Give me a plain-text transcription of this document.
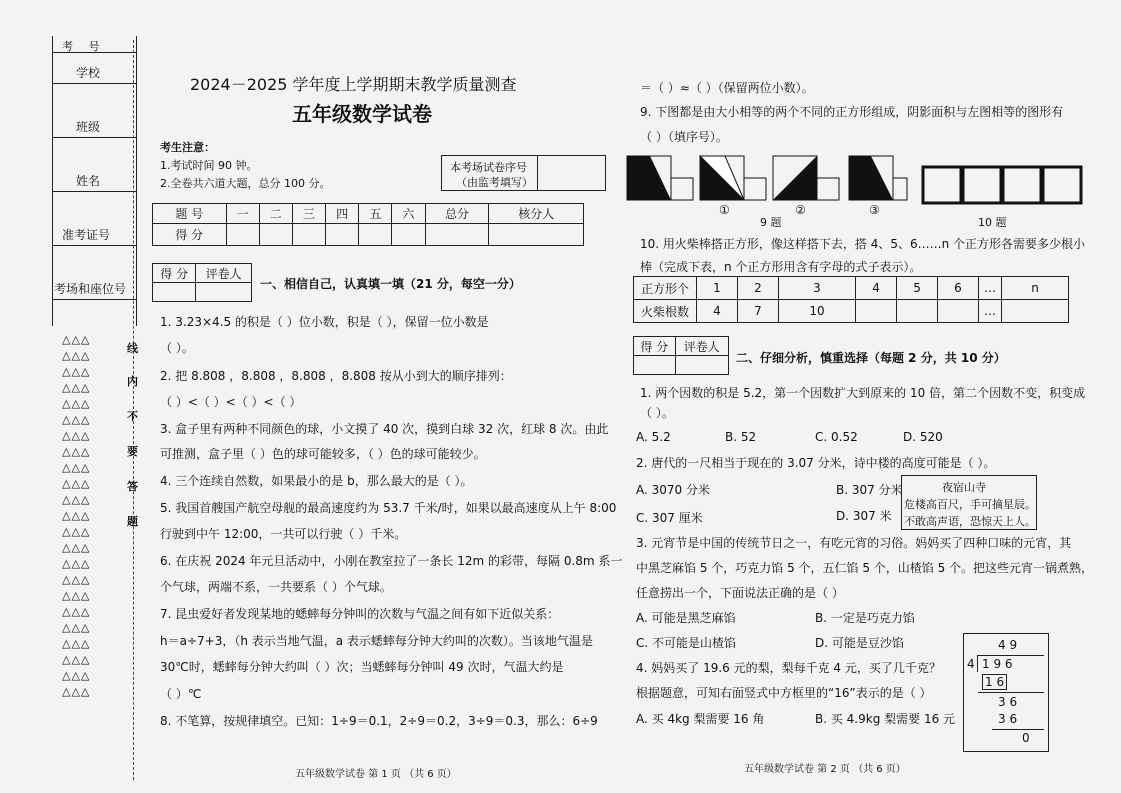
考 号
学校
班级
姓名
准考证号
考场和座位号
△△△
△△△
△△△
△△△
△△△
△△△
△△△
△△△
△△△
△△△
△△△
△△△
△△△
△△△
△△△
△△△
△△△
△△△
△△△
△△△
△△△
△△△
△△△
线
内
不
要
答
题
2024－2025 学年度上学期期末教学质量测查
五年级数学试卷
考生注意：
1.考试时间 90 钟。
2.全卷共六道大题，总分 100 分。
本考场试卷序号
（由监考填写）
题 号	一	二	三	四	五	六	总分	核分人
得 分								
得 分	评卷人

一、相信自己，认真填一填（21 分，每空一分）
1. 3.23×4.5 的积是（ ）位小数，积是（ ），保留一位小数是
（ ）。
2. 把 8.808 ，8.808 ，8.808 ，8.808 按从小到大的顺序排列：
（ ）<（ ）<（ ）<（ ）
3. 盒子里有两种不同颜色的球，小文摸了 40 次，摸到白球 32 次，红球 8 次。由此
可推测，盒子里（ ）色的球可能较多，（ ）色的球可能较少。
4. 三个连续自然数，如果最小的是 b，那么最大的是（ ）。
5. 我国首艘国产航空母舰的最高速度约为 53.7 千米/时，如果以最高速度从上午 8:00
行驶到中午 12:00，一共可以行驶（ ）千米。
6. 在庆祝 2024 年元旦活动中，小刚在教室拉了一条长 12m 的彩带，每隔 0.8m 系一
个气球，两端不系，一共要系（ ）个气球。
7. 昆虫爱好者发现某地的蟋蟀每分钟叫的次数与气温之间有如下近似关系：
h＝a÷7+3，（h 表示当地气温，a 表示蟋蟀每分钟大约叫的次数）。当该地气温是
30℃时，蟋蟀每分钟大约叫（ ）次；当蟋蟀每分钟叫 49 次时，气温大约是
（ ）℃
8. 不笔算，按规律填空。已知：1÷9＝0.1，2÷9＝0.2，3÷9＝0.3，那么：6÷9
五年级数学试卷 第 1 页 （共 6 页）
＝（ ）≈（ ）（保留两位小数）。
9. 下图都是由大小相等的两个不同的正方形组成，阴影面积与左图相等的图形有
（ ）（填序号）。
①	②	③
9 题	10 题
10. 用火柴棒搭正方形，像这样搭下去，搭 4、5、6……n 个正方形各需要多少根小
棒（完成下表，n 个正方形用含有字母的式子表示）。
正方形个	1	2	3	4	5	6	…	n
火柴根数	4	7	10				…	
得 分	评卷人

二、仔细分析，慎重选择（每题 2 分，共 10 分）
1. 两个因数的积是 5.2，第一个因数扩大到原来的 10 倍，第二个因数不变，积变成
（ ）。
A. 5.2	B. 52	C. 0.52	D. 520
2. 唐代的一尺相当于现在的 3.07 分米，诗中楼的高度可能是（ ）。
A. 3070 分米	B. 307 分米
C. 307 厘米	D. 307 米
夜宿山寺
危楼高百尺，手可摘星辰。
不敢高声语，恐惊天上人。
3. 元宵节是中国的传统节日之一，有吃元宵的习俗。妈妈买了四种口味的元宵，其
中黑芝麻馅 5 个，巧克力馅 5 个，五仁馅 5 个，山楂馅 5 个。把这些元宵一锅煮熟，
任意捞出一个，下面说法正确的是（ ）
A. 可能是黑芝麻馅	B. 一定是巧克力馅
C. 不可能是山楂馅	D. 可能是豆沙馅
4. 妈妈买了 19.6 元的梨，梨每千克 4 元，买了几千克？
根据题意，可知右面竖式中方框里的“16”表示的是（ ）
A. 买 4kg 梨需要 16 角	B. 买 4.9kg 梨需要 16 元
4 9
4 1 9 6
1 6
3 6
3 6
0
五年级数学试卷 第 2 页 （共 6 页）
